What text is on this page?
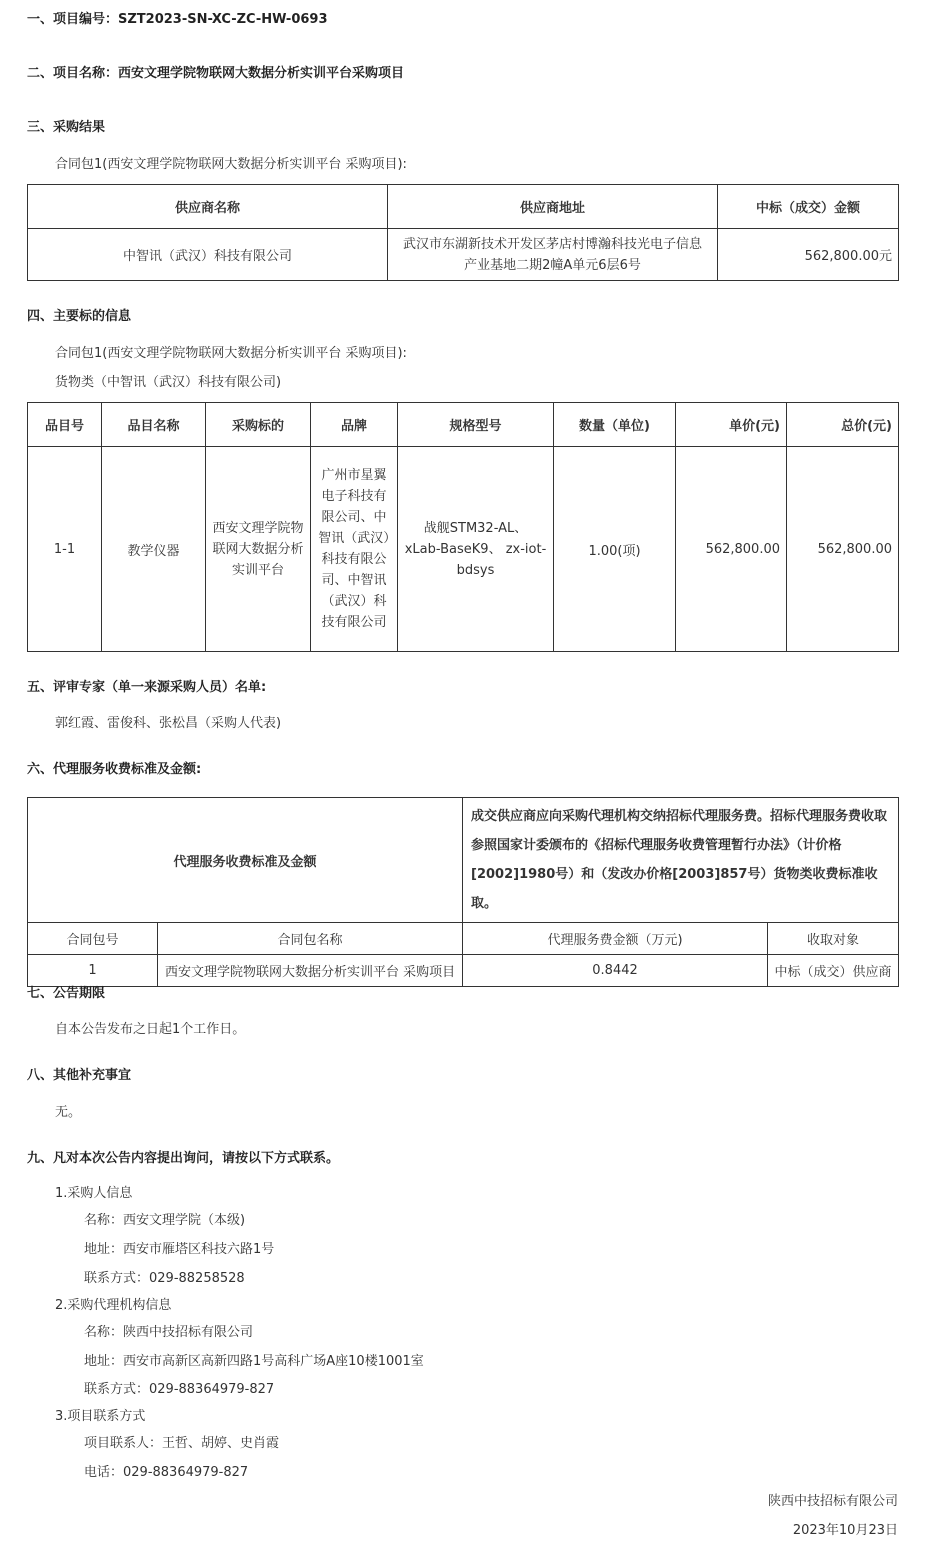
一、项目编号：SZT2023-SN-XC-ZC-HW-0693
二、项目名称：西安文理学院物联网大数据分析实训平台采购项目
三、采购结果
合同包1(西安文理学院物联网大数据分析实训平台 采购项目):
供应商名称	供应商地址	中标（成交）金额
中智讯（武汉）科技有限公司	武汉市东湖新技术开发区茅店村博瀚科技光电子信息产业基地二期2幢A单元6层6号	562,800.00元
四、主要标的信息
合同包1(西安文理学院物联网大数据分析实训平台 采购项目):
货物类（中智讯（武汉）科技有限公司)
品目号	品目名称	采购标的	品牌	规格型号	数量（单位)	单价(元)	总价(元)
1-1	教学仪器	西安文理学院物联网大数据分析实训平台	广州市星翼电子科技有限公司、中智讯（武汉）科技有限公司、中智讯（武汉）科技有限公司	战舰STM32-AL、 xLab-BaseK9、 zx-iot-bdsys	1.00(项)	562,800.00	562,800.00
五、评审专家（单一来源采购人员）名单:
郭红霞、雷俊科、张松昌（采购人代表)
六、代理服务收费标准及金额:
代理服务收费标准及金额		成交供应商应向采购代理机构交纳招标代理服务费。招标代理服务费收取参照国家计委颁布的《招标代理服务收费管理暂行办法》（计价格[2002]1980号）和（发改办价格[2003]857号）货物类收费标准收取。	
合同包号	合同包名称	代理服务费金额（万元)	收取对象
1	西安文理学院物联网大数据分析实训平台 采购项目	0.8442	中标（成交）供应商
七、公告期限
自本公告发布之日起1个工作日。
八、其他补充事宜
无。
九、凡对本次公告内容提出询问，请按以下方式联系。
1.采购人信息
名称：西安文理学院（本级)
地址：西安市雁塔区科技六路1号
联系方式：029-88258528
2.采购代理机构信息
名称：陕西中技招标有限公司
地址：西安市高新区高新四路1号高科广场A座10楼1001室
联系方式：029-88364979-827
3.项目联系方式
项目联系人：王哲、胡婷、史肖霞
电话：029-88364979-827
陕西中技招标有限公司
2023年10月23日
